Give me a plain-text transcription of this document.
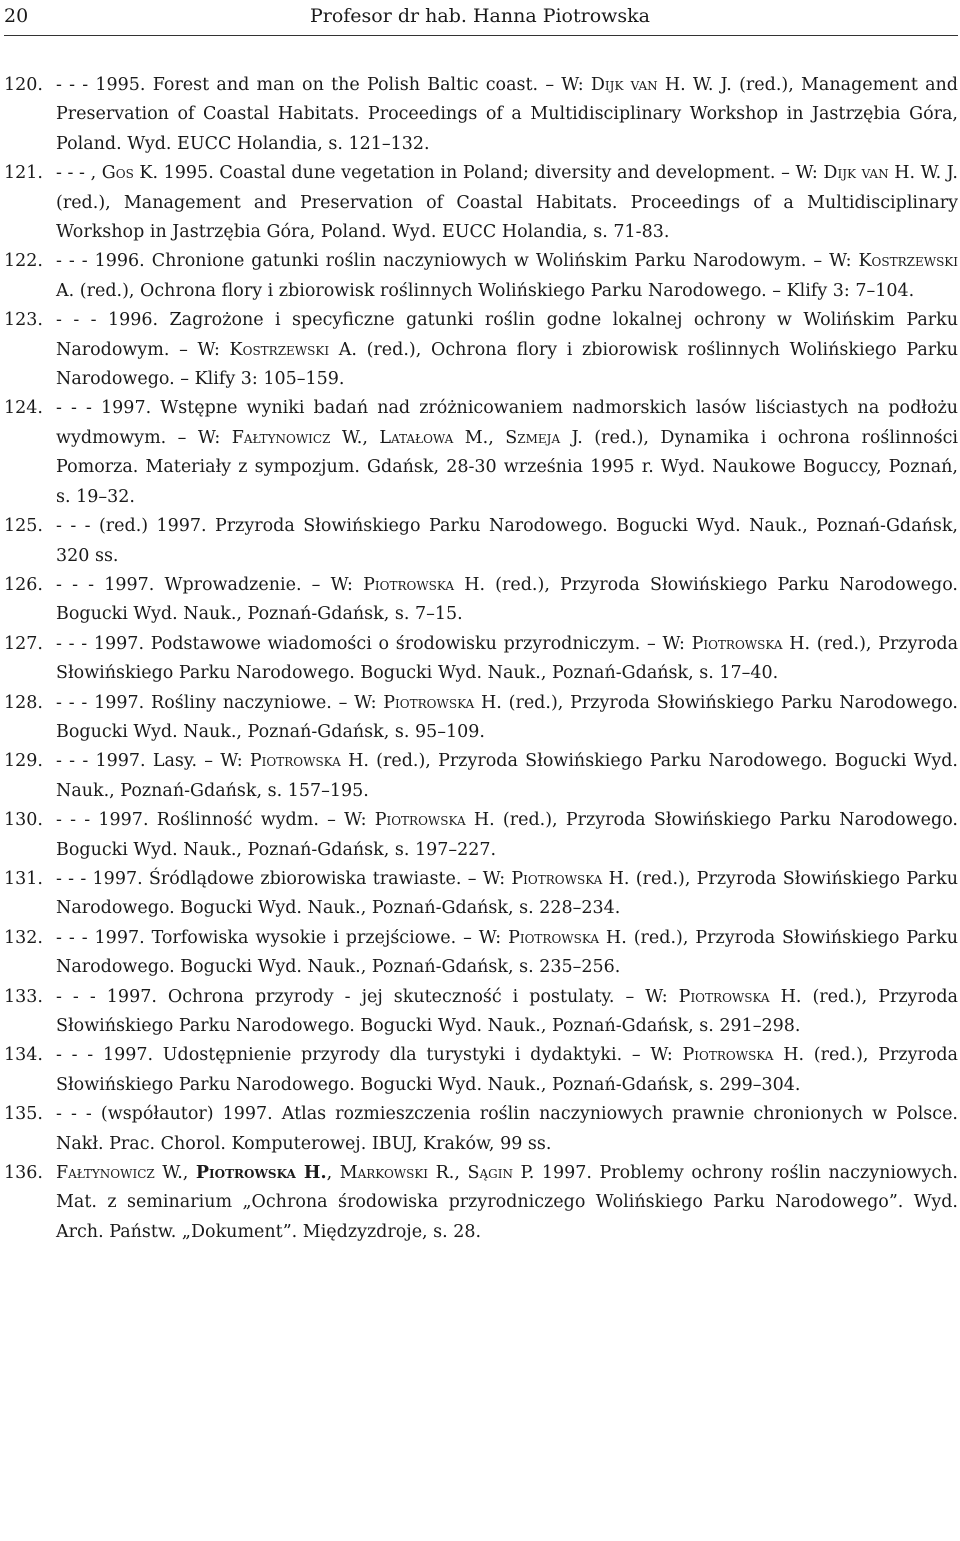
20	Profesor dr hab. Hanna Piotrowska
120. - - - 1995. Forest and man on the Polish Baltic coast. – W: Dijk van H. W. J. (red.), Management and Preservation of Coastal Habitats. Proceedings of a Multidisciplinary Workshop in Jastrzębia Góra, Poland. Wyd. EUCC Holandia, s. 121–132.
121. - - - , Gos K. 1995. Coastal dune vegetation in Poland; diversity and development. – W: Dijk van H. W. J. (red.), Management and Preservation of Coastal Habitats. Proceedings of a Multidisciplinary Workshop in Jastrzębia Góra, Poland. Wyd. EUCC Holandia, s. 71-83.
122. - - - 1996. Chronione gatunki roślin naczyniowych w Wolińskim Parku Narodowym. – W: Kostrzewski A. (red.), Ochrona flory i zbiorowisk roślinnych Wolińskiego Parku Narodowego. – Klify 3: 7–104.
123. - - - 1996. Zagrożone i specyficzne gatunki roślin godne lokalnej ochrony w Wolińskim Parku Narodowym. – W: Kostrzewski A. (red.), Ochrona flory i zbiorowisk roślinnych Wolińskiego Parku Narodowego. – Klify 3: 105–159.
124. - - - 1997. Wstępne wyniki badań nad zróżnicowaniem nadmorskich lasów liściastych na podłożu wydmowym. – W: Fałtynowicz W., Latałowa M., Szmeja J. (red.), Dynamika i ochrona roślinności Pomorza. Materiały z sympozjum. Gdańsk, 28-30 września 1995 r. Wyd. Naukowe Boguccy, Poznań, s. 19–32.
125. - - - (red.) 1997. Przyroda Słowińskiego Parku Narodowego. Bogucki Wyd. Nauk., Poznań-Gdańsk, 320 ss.
126. - - - 1997. Wprowadzenie. – W: Piotrowska H. (red.), Przyroda Słowińskiego Parku Narodowego. Bogucki Wyd. Nauk., Poznań-Gdańsk, s. 7–15.
127. - - - 1997. Podstawowe wiadomości o środowisku przyrodniczym. – W: Piotrowska H. (red.), Przyroda Słowińskiego Parku Narodowego. Bogucki Wyd. Nauk., Poznań-Gdańsk, s. 17–40.
128. - - - 1997. Rośliny naczyniowe. – W: Piotrowska H. (red.), Przyroda Słowińskiego Parku Narodowego. Bogucki Wyd. Nauk., Poznań-Gdańsk, s. 95–109.
129. - - - 1997. Lasy. – W: Piotrowska H. (red.), Przyroda Słowińskiego Parku Narodowego. Bogucki Wyd. Nauk., Poznań-Gdańsk, s. 157–195.
130. - - - 1997. Roślinność wydm. – W: Piotrowska H. (red.), Przyroda Słowińskiego Parku Narodowego. Bogucki Wyd. Nauk., Poznań-Gdańsk, s. 197–227.
131. - - - 1997. Śródlądowe zbiorowiska trawiaste. – W: Piotrowska H. (red.), Przyroda Słowińskiego Parku Narodowego. Bogucki Wyd. Nauk., Poznań-Gdańsk, s. 228–234.
132. - - - 1997. Torfowiska wysokie i przejściowe. – W: Piotrowska H. (red.), Przyroda Słowińskiego Parku Narodowego. Bogucki Wyd. Nauk., Poznań-Gdańsk, s. 235–256.
133. - - - 1997. Ochrona przyrody - jej skuteczność i postulaty. – W: Piotrowska H. (red.), Przyroda Słowińskiego Parku Narodowego. Bogucki Wyd. Nauk., Poznań-Gdańsk, s. 291–298.
134. - - - 1997. Udostępnienie przyrody dla turystyki i dydaktyki. – W: Piotrowska H. (red.), Przyroda Słowińskiego Parku Narodowego. Bogucki Wyd. Nauk., Poznań-Gdańsk, s. 299–304.
135. - - - (współautor) 1997. Atlas rozmieszczenia roślin naczyniowych prawnie chronionych w Polsce. Nakł. Prac. Chorol. Komputerowej. IBUJ, Kraków, 99 ss.
136. Fałtynowicz W., Piotrowska H., Markowski R., Sągin P. 1997. Problemy ochrony roślin naczyniowych. Mat. z seminarium „Ochrona środowiska przyrodniczego Wolińskiego Parku Narodowego”. Wyd. Arch. Państw. „Dokument”. Międzyzdroje, s. 28.
